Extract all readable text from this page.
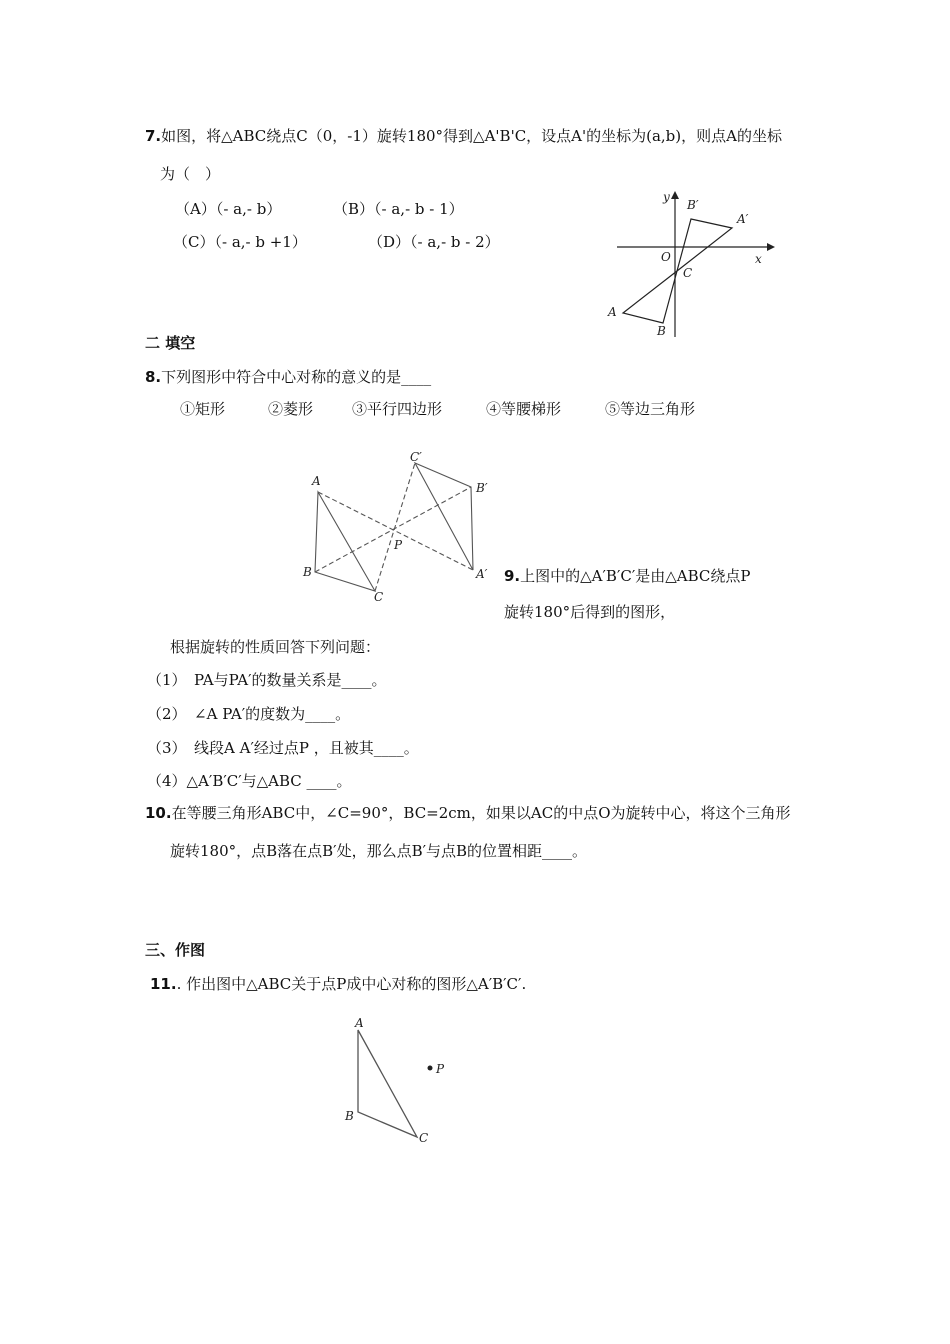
7.如图，将△ABC绕点C（0，-1）旋转180°得到△A'B'C，设点A'的坐标为(a,b)，则点A的坐标
为（　）
（A）（- a,- b）	（B）（- a,- b - 1）
（C）（- a,- b +1）	（D）（- a,- b - 2）
y
x
O
C
B′
A′
A
B
二 填空
8.下列图形中符合中心对称的意义的是____
①矩形	②菱形	③平行四边形	④等腰梯形	⑤等边三角形
A
B
C
P
C′
B′
A′ 9.上图中的△A′B′C′是由△ABC绕点P
旋转180°后得到的图形，
根据旋转的性质回答下列问题：
（1）　PA与PA′的数量关系是____。
（2）　∠A PA′的度数为____。
（3）　线段A A′经过点P ，且被其____。
（4）△A′B′C′与△ABC ____。
10.在等腰三角形ABC中，∠C=90°，BC=2cm，如果以AC的中点O为旋转中心，将这个三角形
旋转180°，点B落在点B′处，那么点B′与点B的位置相距____。
三、作图
11.. 作出图中△ABC关于点P成中心对称的图形△A′B′C′.
A
B
C
P
